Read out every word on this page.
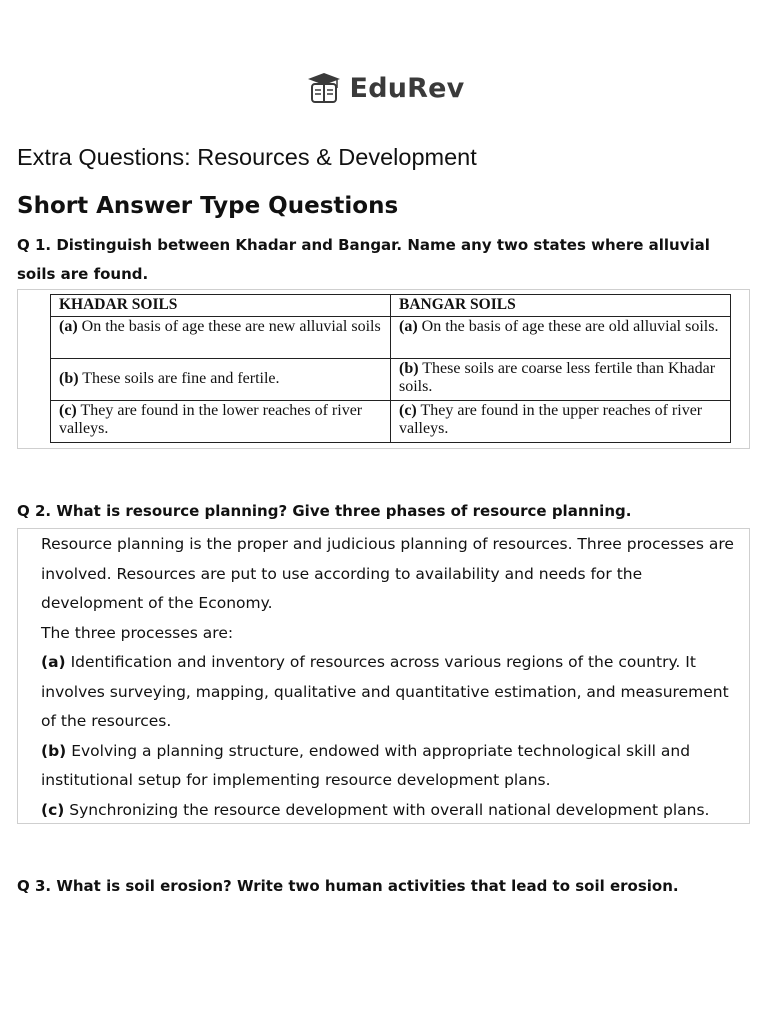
EduRev
Extra Questions: Resources & Development
Short Answer Type Questions
Q 1. Distinguish between Khadar and Bangar. Name any two states where alluvial soils are found.
KHADAR SOILS	BANGAR SOILS
(a) On the basis of age these are new alluvial soils	(a) On the basis of age these are old alluvial soils.
(b) These soils are fine and fertile.	(b) These soils are coarse less fertile than Khadar soils.
(c) They are found in the lower reaches of river valleys.	(c) They are found in the upper reaches of river valleys.
Q 2. What is resource planning? Give three phases of resource planning.

Resource planning is the proper and judicious planning of resources. Three processes are involved. Resources are put to use according to availability and needs for the development of the Economy.

The three processes are:

(a) Identification and inventory of resources across various regions of the country. It involves surveying, mapping, qualitative and quantitative estimation, and measurement of the resources.

(b) Evolving a planning structure, endowed with appropriate technological skill and institutional setup for implementing resource development plans.

(c) Synchronizing the resource development with overall national development plans.

Q 3. What is soil erosion? Write two human activities that lead to soil erosion.
